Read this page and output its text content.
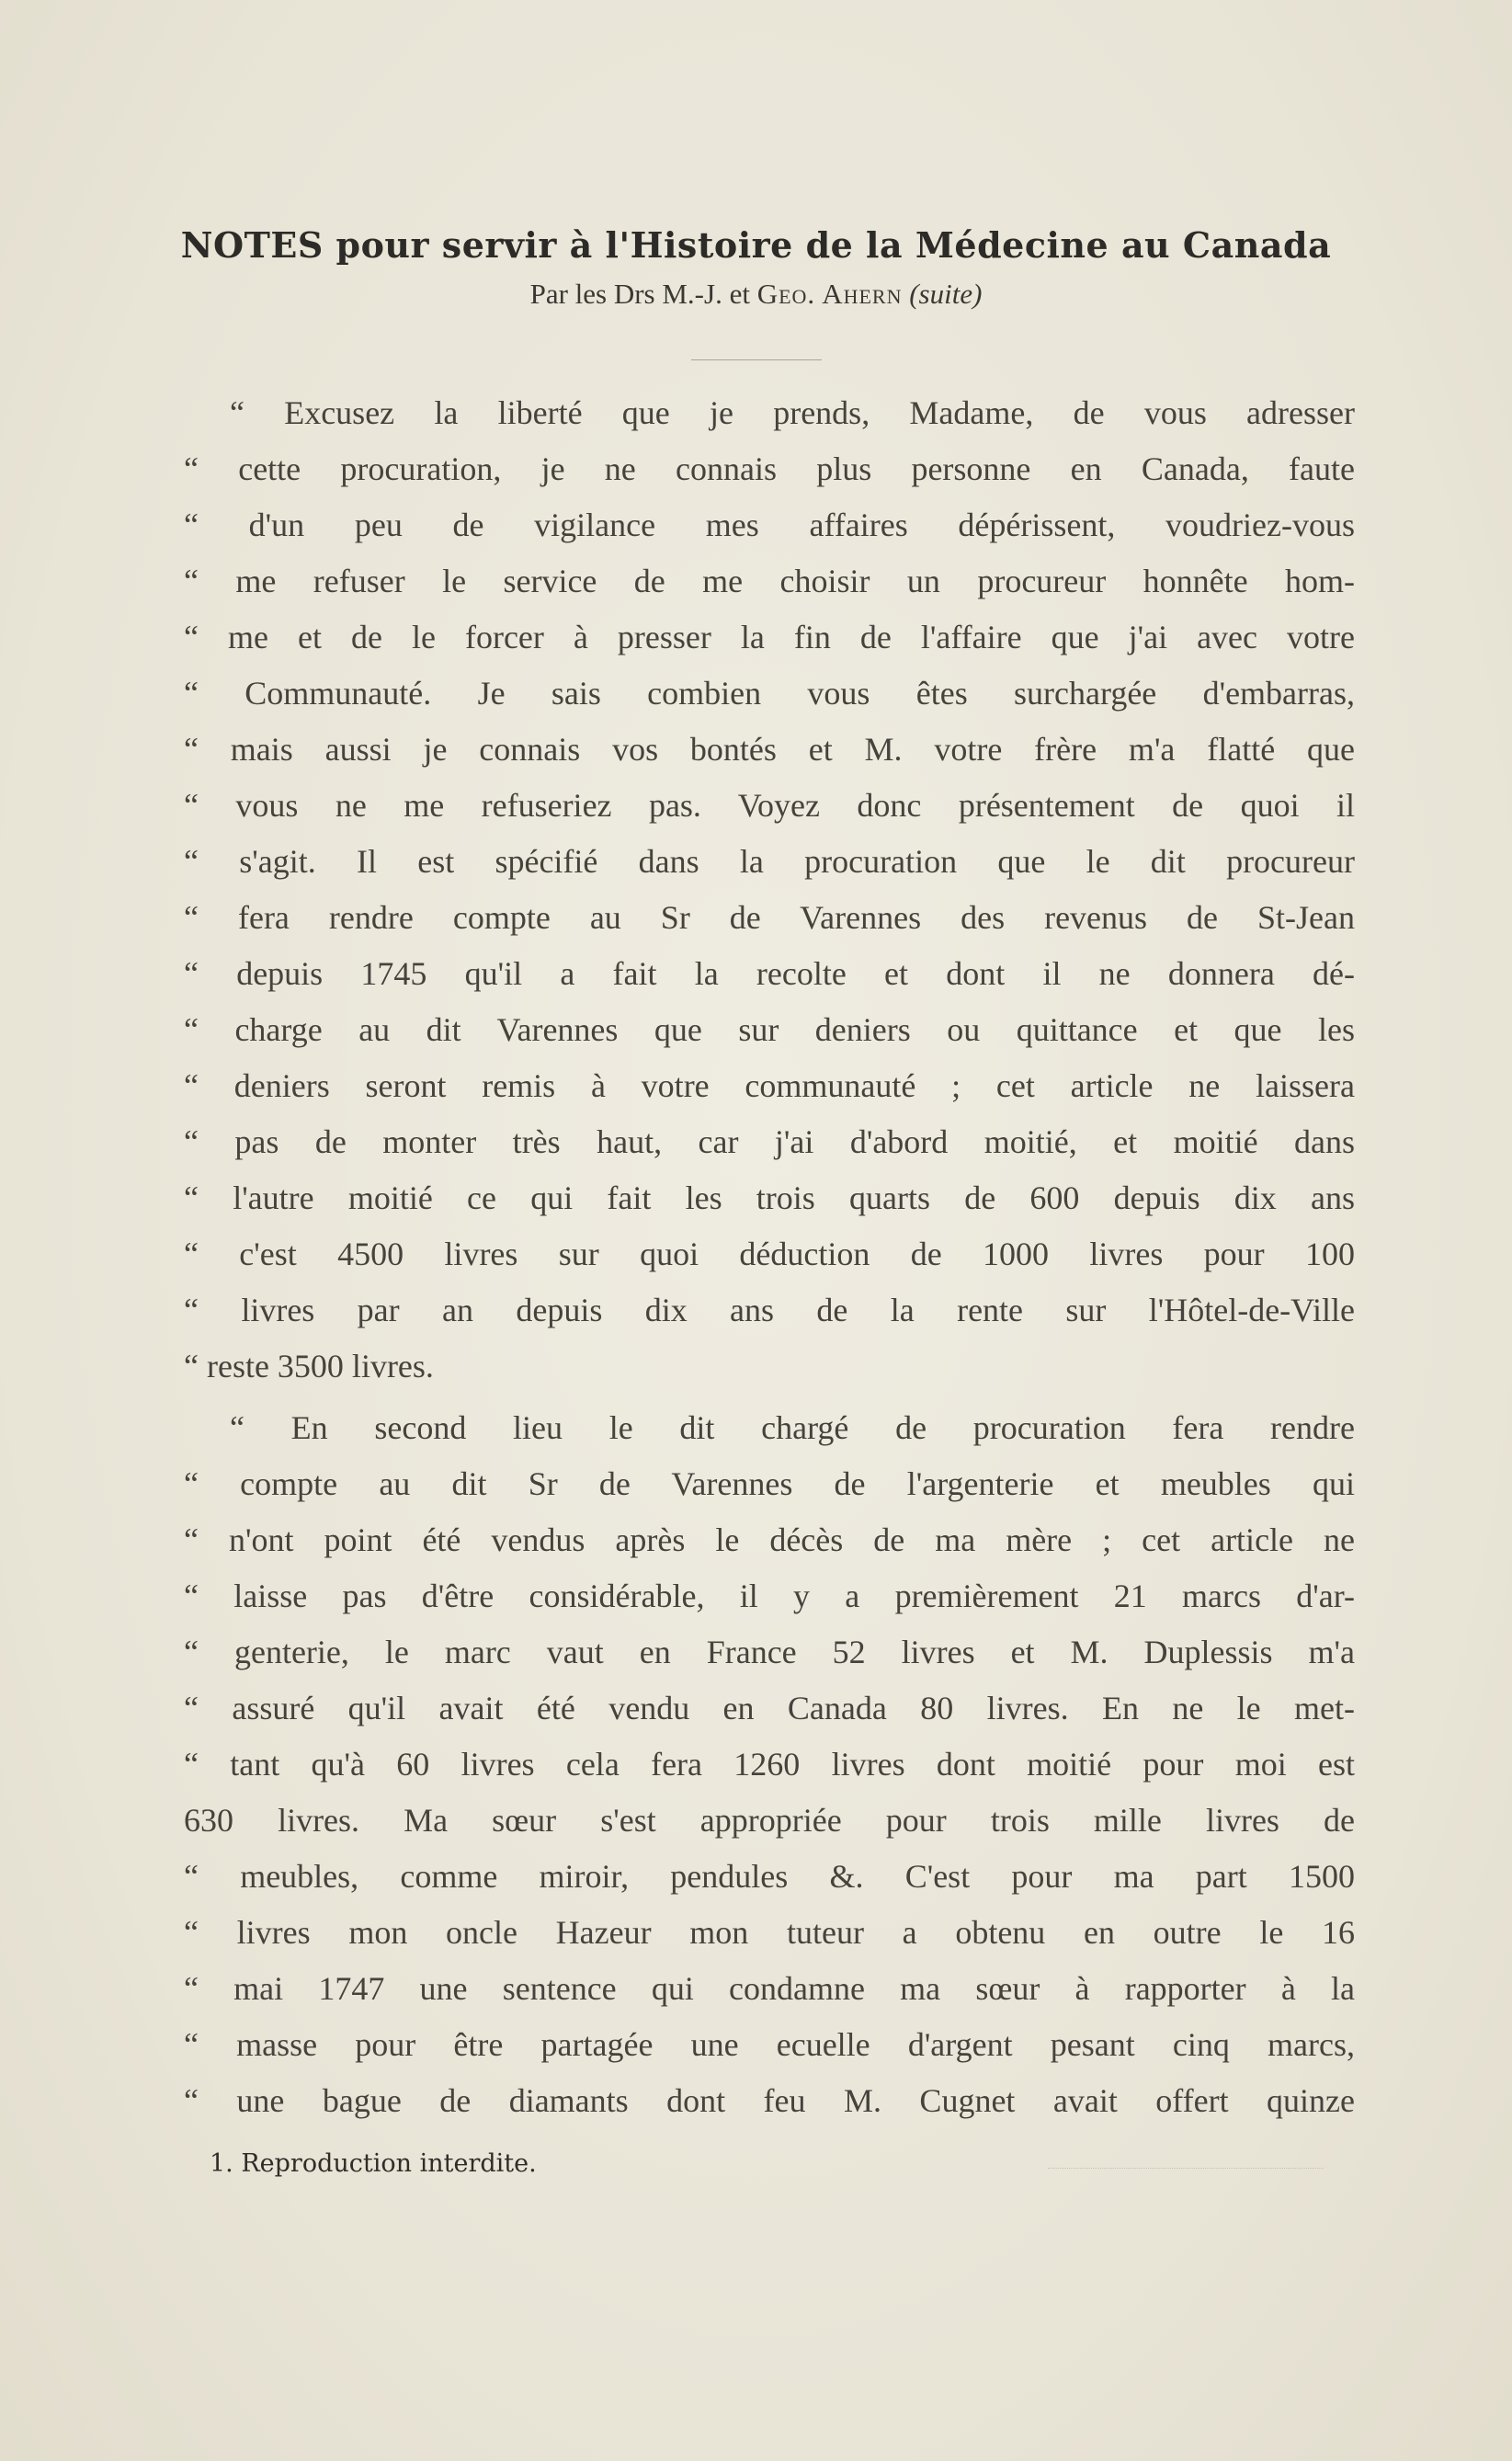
NOTES pour servir à l'Histoire de la Médecine au Canada
Par les Drs M.-J. et Geo. Ahern (suite)
“ Excusez la liberté que je prends, Madame, de vous adresser
“ cette procuration, je ne connais plus personne en Canada, faute
“ d'un peu de vigilance mes affaires dépérissent, voudriez-vous
“ me refuser le service de me choisir un procureur honnête hom-
“ me et de le forcer à presser la fin de l'affaire que j'ai avec votre
“ Communauté. Je sais combien vous êtes surchargée d'embarras,
“ mais aussi je connais vos bontés et M. votre frère m'a flatté que
“ vous ne me refuseriez pas. Voyez donc présentement de quoi il
“ s'agit. Il est spécifié dans la procuration que le dit procureur
“ fera rendre compte au Sr de Varennes des revenus de St-Jean
“ depuis 1745 qu'il a fait la recolte et dont il ne donnera dé-
“ charge au dit Varennes que sur deniers ou quittance et que les
“ deniers seront remis à votre communauté ; cet article ne laissera
“ pas de monter très haut, car j'ai d'abord moitié, et moitié dans
“ l'autre moitié ce qui fait les trois quarts de 600 depuis dix ans
“ c'est 4500 livres sur quoi déduction de 1000 livres pour 100
“ livres par an depuis dix ans de la rente sur l'Hôtel-de-Ville
“ reste 3500 livres.
“ En second lieu le dit chargé de procuration fera rendre
“ compte au dit Sr de Varennes de l'argenterie et meubles qui
“ n'ont point été vendus après le décès de ma mère ; cet article ne
“ laisse pas d'être considérable, il y a premièrement 21 marcs d'ar-
“ genterie, le marc vaut en France 52 livres et M. Duplessis m'a
“ assuré qu'il avait été vendu en Canada 80 livres. En ne le met-
“ tant qu'à 60 livres cela fera 1260 livres dont moitié pour moi est
630 livres. Ma sœur s'est appropriée pour trois mille livres de
“ meubles, comme miroir, pendules &. C'est pour ma part 1500
“ livres mon oncle Hazeur mon tuteur a obtenu en outre le 16
“ mai 1747 une sentence qui condamne ma sœur à rapporter à la
“ masse pour être partagée une ecuelle d'argent pesant cinq marcs,
“ une bague de diamants dont feu M. Cugnet avait offert quinze
1. Reproduction interdite.
